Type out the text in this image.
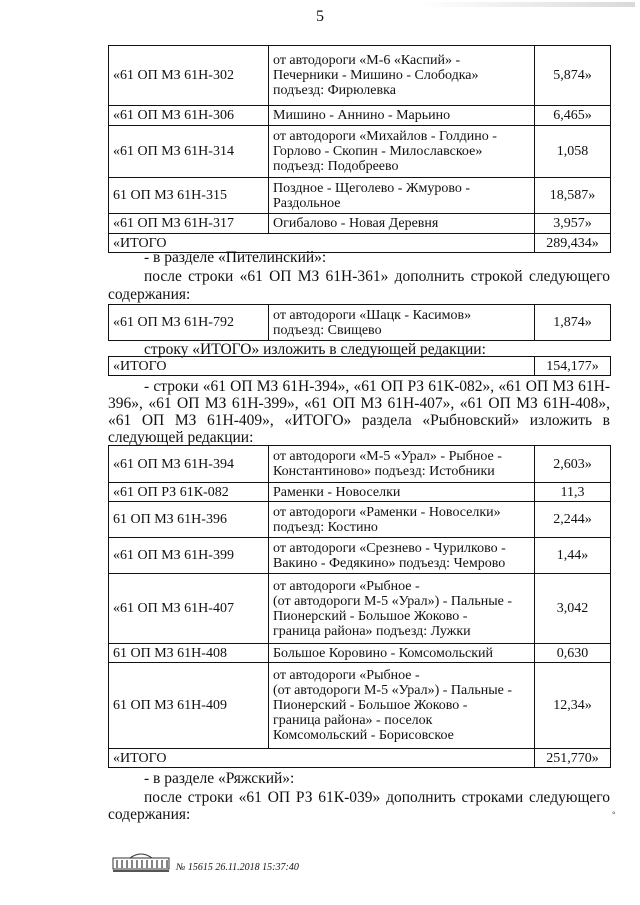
5
«61 ОП МЗ 61Н-302	от автодороги «М-6 «Каспий» -
Печерники - Мишино - Слободка»
подъезд: Фирюлевка	5,874»
«61 ОП МЗ 61Н-306	Мишино - Аннино - Марьино	6,465»
«61 ОП МЗ 61Н-314	от автодороги «Михайлов - Голдино -
Горлово - Скопин - Милославское»
подъезд: Подобреево	1,058
61 ОП МЗ 61Н-315	Поздное - Щеголево - Жмурово -
Раздольное	18,587»
«61 ОП МЗ 61Н-317	Огибалово - Новая Деревня	3,957»
«ИТОГО		289,434»
- в разделе «Пителинский»:
после строки «61 ОП МЗ 61Н-361» дополнить строкой следующего
содержания:
«61 ОП МЗ 61Н-792	от автодороги «Шацк - Касимов»
подъезд: Свищево	1,874»
строку «ИТОГО» изложить в следующей редакции:
«ИТОГО	154,177»
- строки «61 ОП МЗ 61Н-394», «61 ОП РЗ 61К-082», «61 ОП МЗ 61Н-
396», «61 ОП МЗ 61Н-399», «61 ОП МЗ 61Н-407», «61 ОП МЗ 61Н-408»,
«61 ОП МЗ 61Н-409», «ИТОГО» раздела «Рыбновский» изложить в
следующей редакции:
«61 ОП МЗ 61Н-394	от автодороги «М-5 «Урал» - Рыбное -
Константиново» подъезд: Истобники	2,603»
«61 ОП РЗ 61К-082	Раменки - Новоселки	11,3
61 ОП МЗ 61Н-396	от автодороги «Раменки - Новоселки»
подъезд: Костино	2,244»
«61 ОП МЗ 61Н-399	от автодороги «Срезнево - Чурилково -
Вакино - Федякино» подъезд: Чемрово	1,44»
«61 ОП МЗ 61Н-407	от автодороги «Рыбное -
(от автодороги М-5 «Урал») - Пальные -
Пионерский - Большое Жоково -
граница района» подъезд: Лужки	3,042
61 ОП МЗ 61Н-408	Большое Коровино - Комсомольский	0,630
61 ОП МЗ 61Н-409	от автодороги «Рыбное -
(от автодороги М-5 «Урал») - Пальные -
Пионерский - Большое Жоково -
граница района» - поселок
Комсомольский - Борисовское	12,34»
«ИТОГО		251,770»
- в разделе «Ряжский»:
после строки «61 ОП РЗ 61К-039» дополнить строками следующего
содержания:
№ 15615 26.11.2018 15:37:40
◦
